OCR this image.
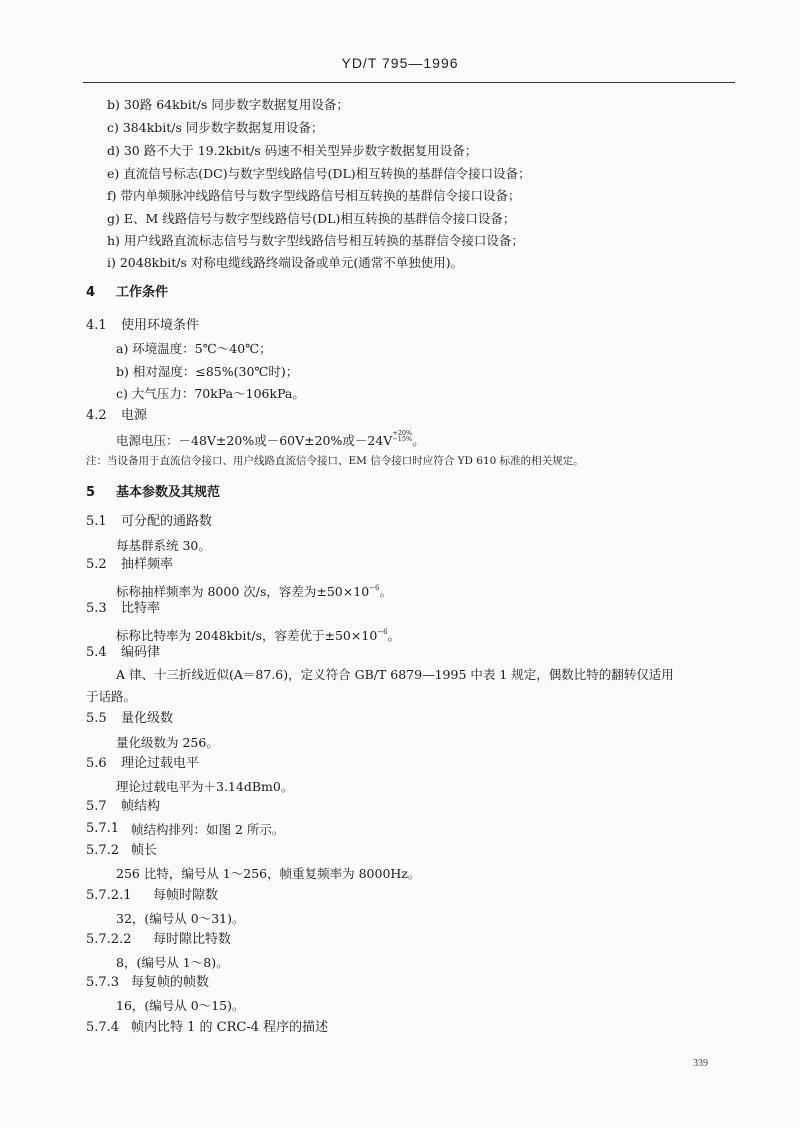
YD/T 795—1996
b) 30路 64kbit/s 同步数字数据复用设备；
c) 384kbit/s 同步数字数据复用设备；
d) 30 路不大于 19.2kbit/s 码速不相关型异步数字数据复用设备；
e) 直流信号标志(DC)与数字型线路信号(DL)相互转换的基群信令接口设备；
f) 带内单频脉冲线路信号与数字型线路信号相互转换的基群信令接口设备；
g) E、M 线路信号与数字型线路信号(DL)相互转换的基群信令接口设备；
h) 用户线路直流标志信号与数字型线路信号相互转换的基群信令接口设备；
i) 2048kbit/s 对称电缆线路终端设备或单元(通常不单独使用)。
4 工作条件
4.1 使用环境条件
a) 环境温度：5℃～40℃；
b) 相对湿度：≤85%(30℃时)；
c) 大气压力：70kPa～106kPa。
4.2 电源
电源电压：－48V±20%或－60V±20%或－24V+20%
−15%。
注：当设备用于直流信令接口、用户线路直流信令接口、EM 信令接口时应符合 YD 610 标准的相关规定。
5 基本参数及其规范
5.1 可分配的通路数
每基群系统 30。
5.2 抽样频率
标称抽样频率为 8000 次/s，容差为$\pm 50\times 10^{-6}$。
5.3 比特率
标称比特率为 2048kbit/s，容差优于$\pm 50\times 10^{-6}$。
5.4 编码律
A 律、十三折线近似(A＝87.6)，定义符合 GB/T 6879—1995 中表 1 规定，偶数比特的翻转仅适用
于话路。
5.5 量化级数
量化级数为 256。
5.6 理论过载电平
理论过载电平为＋3.14dBm0。
5.7 帧结构
5.7.1 帧结构排列：如图 2 所示。
5.7.2 帧长
256 比特，编号从 1～256，帧重复频率为 8000Hz。
5.7.2.1 每帧时隙数
32，(编号从 0～31)。
5.7.2.2 每时隙比特数
8，(编号从 1～8)。
5.7.3 每复帧的帧数
16，(编号从 0～15)。
5.7.4 帧内比特 1 的 CRC-4 程序的描述
339
